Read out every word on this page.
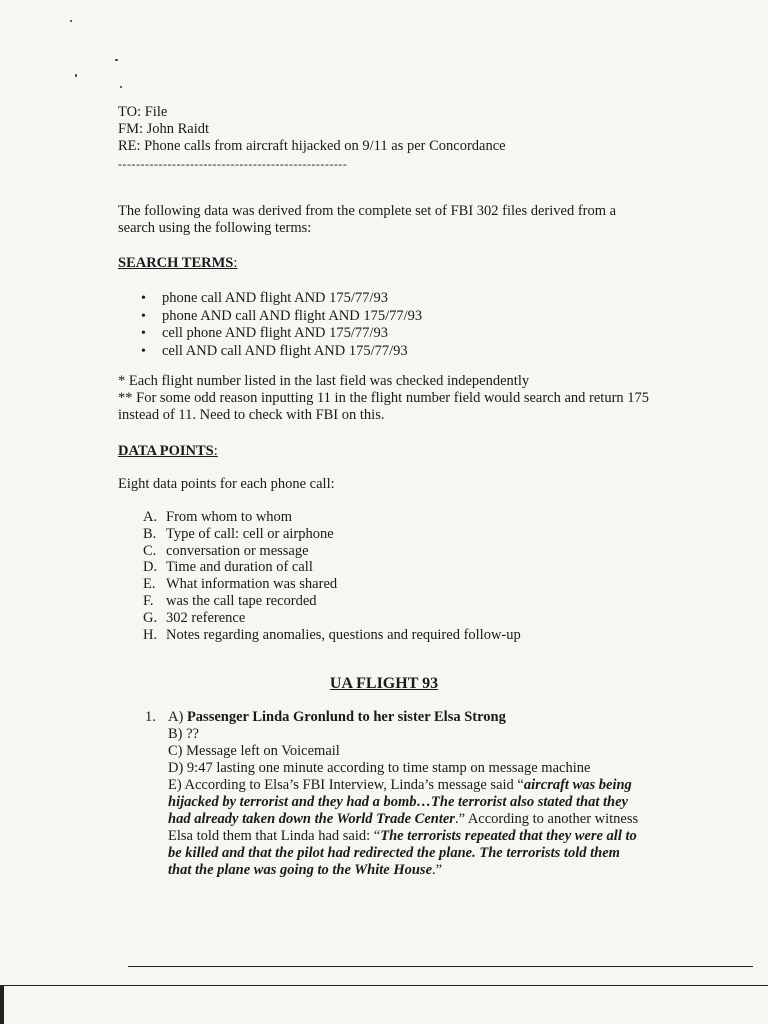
TO: File
FM: John Raidt
RE: Phone calls from aircraft hijacked on 9/11 as per Concordance
---------------------------------------------------
The following data was derived from the complete set of FBI 302 files derived from a search using the following terms:
SEARCH TERMS:
• phone call AND flight AND 175/77/93
• phone AND call AND flight AND 175/77/93
• cell phone AND flight AND 175/77/93
• cell AND call AND flight AND 175/77/93
* Each flight number listed in the last field was checked independently
** For some odd reason inputting 11 in the flight number field would search and return 175 instead of 11. Need to check with FBI on this.
DATA POINTS:
Eight data points for each phone call:
A. From whom to whom
B. Type of call: cell or airphone
C. conversation or message
D. Time and duration of call
E. What information was shared
F. was the call tape recorded
G. 302 reference
H. Notes regarding anomalies, questions and required follow-up
UA FLIGHT 93
1. A) Passenger Linda Gronlund to her sister Elsa Strong
B) ??
C) Message left on Voicemail
D) 9:47 lasting one minute according to time stamp on message machine
E) According to Elsa’s FBI Interview, Linda’s message said “aircraft was being hijacked by terrorist and they had a bomb…The terrorist also stated that they had already taken down the World Trade Center.” According to another witness Elsa told them that Linda had said: “The terrorists repeated that they were all to be killed and that the pilot had redirected the plane. The terrorists told them that the plane was going to the White House.”
